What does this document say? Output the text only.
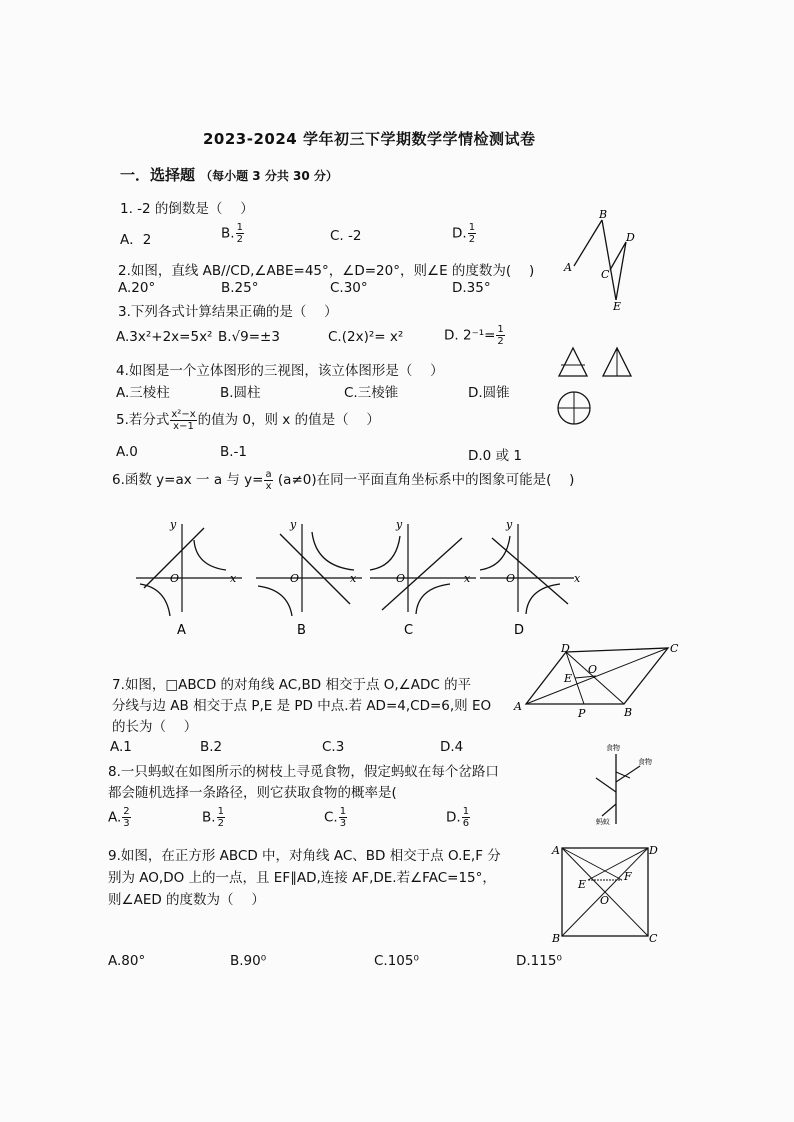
2023-2024 学年初三下学期数学学情检测试卷
一．选择题 （每小题 3 分共 30 分）
1. -2 的倒数是（　 ）
A．2	B. $\frac{1}{2}$	C. -2	D. $\frac{1}{2}$
2.如图，直线 AB//CD,∠ABE=45°，∠D=20°，则∠E 的度数为(　 )
A.20°	B.25°	C.30°	D.35°
A
B
C
D
E
3.下列各式计算结果正确的是（　 ）
A.3x²+2x=5x² B.√9=±3	C.(2x)²= x²	D. $2^{-1}= \frac{1}{2}$
4.如图是一个立体图形的三视图，该立体图形是（　 ）
A.三棱柱	B.圆柱	C.三棱锥	D.圆锥
5.若分式 $\frac{\text{x²−x}}{x-1}$ 的值为 0，则 x 的值是（　 ）
A.0	B.-1	D.0 或 1
6.函数 y=ax 一 a 与 $y= \frac{a}{x} (a\ne 0)$在同一平面直角坐标系中的图象可能是(　 )
y
x
O
A
y
x
O
B
y
x
O
C
y
x
O
D
7.如图，□ABCD 的对角线 AC,BD 相交于点 O,∠ADC 的平
分线与边 AB 相交于点 P,E 是 PD 中点.若 AD=4,CD=6,则 EO
的长为（　 ）
A.1	B.2	C.3	D.4
A	B
C
D
E
O
P
8.一只蚂蚁在如图所示的树枝上寻觅食物，假定蚂蚁在每个岔路口
都会随机选择一条路径，则它获取食物的概率是(
A. $\frac{2}{3}$	B. $\frac{1}{2}$	C. $\frac{1}{3}$	D. $\frac{1}{6}$
食物
食物
蚂蚁
9.如图，在正方形 ABCD 中，对角线 AC、BD 相交于点 O.E,F 分
别为 AO,DO 上的一点，且 EF∥AD,连接 AF,DE.若∠FAC=15°，
则∠AED 的度数为（　 ）
A.80°	B.90⁰	C.105⁰	D.115⁰
A
B	C
D
E
F
O
